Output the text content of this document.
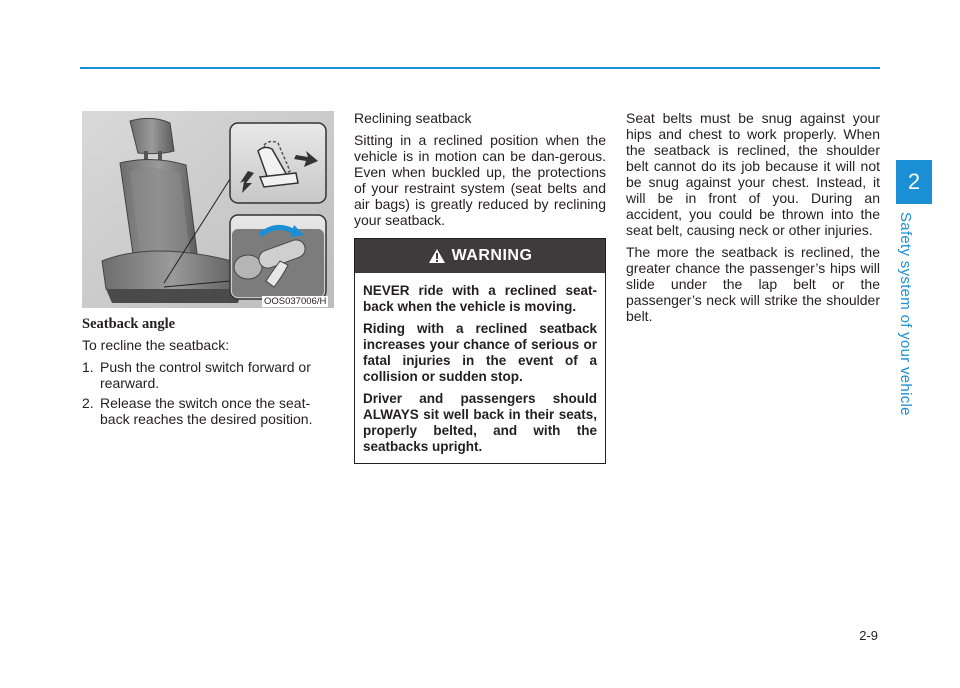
2
Safety system of your vehicle
OOS037006/H
Seatback angle

To recline the seatback:

1. Push the control switch forward or rearward.
2. Release the switch once the seat-back reaches the desired position.

Reclining seatback

Sitting in a reclined position when the vehicle is in motion can be dan-gerous. Even when buckled up, the protections of your restraint system (seat belts and air bags) is greatly reduced by reclining your seatback.

WARNING

NEVER ride with a reclined seat-back when the vehicle is moving.

Riding with a reclined seatback increases your chance of serious or fatal injuries in the event of a collision or sudden stop.

Driver and passengers should ALWAYS sit well back in their seats, properly belted, and with the seatbacks upright.

Seat belts must be snug against your hips and chest to work properly. When the seatback is reclined, the shoulder belt cannot do its job because it will not be snug against your chest. Instead, it will be in front of you. During an accident, you could be thrown into the seat belt, causing neck or other injuries.

The more the seatback is reclined, the greater chance the passenger’s hips will slide under the lap belt or the passenger’s neck will strike the shoulder belt.

2-9
